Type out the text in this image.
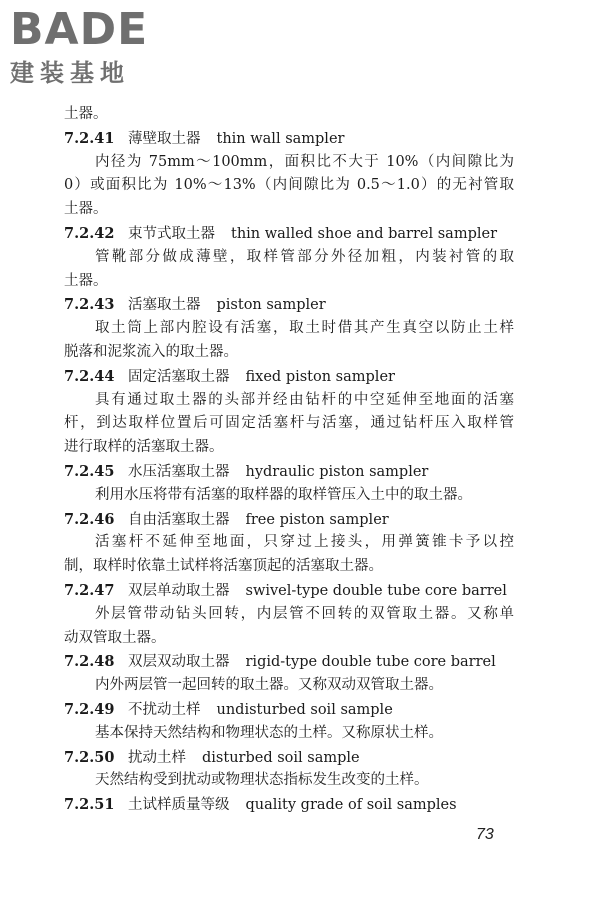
BADE
建装基地
土器。
7.2.41 薄壁取土器 thin wall sampler
内径为 75mm～100mm，面积比不大于 10%（内间隙比为
0）或面积比为 10%～13%（内间隙比为 0.5～1.0）的无衬管取
土器。
7.2.42 束节式取土器 thin walled shoe and barrel sampler
管靴部分做成薄壁，取样管部分外径加粗，内装衬管的取
土器。
7.2.43 活塞取土器 piston sampler
取土筒上部内腔设有活塞，取土时借其产生真空以防止土样
脱落和泥浆流入的取土器。
7.2.44 固定活塞取土器 fixed piston sampler
具有通过取土器的头部并经由钻杆的中空延伸至地面的活塞
杆，到达取样位置后可固定活塞杆与活塞，通过钻杆压入取样管
进行取样的活塞取土器。
7.2.45 水压活塞取土器 hydraulic piston sampler
利用水压将带有活塞的取样器的取样管压入土中的取土器。
7.2.46 自由活塞取土器 free piston sampler
活塞杆不延伸至地面，只穿过上接头，用弹簧锥卡予以控
制，取样时依靠土试样将活塞顶起的活塞取土器。
7.2.47 双层单动取土器 swivel-type double tube core barrel
外层管带动钻头回转，内层管不回转的双管取土器。又称单
动双管取土器。
7.2.48 双层双动取土器 rigid-type double tube core barrel
内外两层管一起回转的取土器。又称双动双管取土器。
7.2.49 不扰动土样 undisturbed soil sample
基本保持天然结构和物理状态的土样。又称原状土样。
7.2.50 扰动土样 disturbed soil sample
天然结构受到扰动或物理状态指标发生改变的土样。
7.2.51 土试样质量等级 quality grade of soil samples
73
